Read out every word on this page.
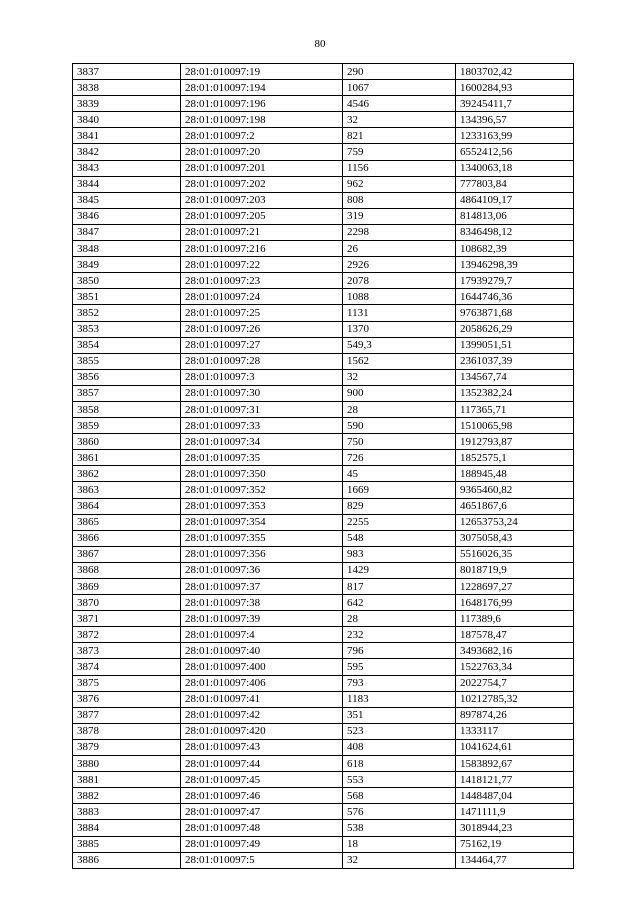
80
3837	28:01:010097:19	290	1803702,42
3838	28:01:010097:194	1067	1600284,93
3839	28:01:010097:196	4546	39245411,7
3840	28:01:010097:198	32	134396,57
3841	28:01:010097:2	821	1233163,99
3842	28:01:010097:20	759	6552412,56
3843	28:01:010097:201	1156	1340063,18
3844	28:01:010097:202	962	777803,84
3845	28:01:010097:203	808	4864109,17
3846	28:01:010097:205	319	814813,06
3847	28:01:010097:21	2298	8346498,12
3848	28:01:010097:216	26	108682,39
3849	28:01:010097:22	2926	13946298,39
3850	28:01:010097:23	2078	17939279,7
3851	28:01:010097:24	1088	1644746,36
3852	28:01:010097:25	1131	9763871,68
3853	28:01:010097:26	1370	2058626,29
3854	28:01:010097:27	549,3	1399051,51
3855	28:01:010097:28	1562	2361037,39
3856	28:01:010097:3	32	134567,74
3857	28:01:010097:30	900	1352382,24
3858	28:01:010097:31	28	117365,71
3859	28:01:010097:33	590	1510065,98
3860	28:01:010097:34	750	1912793,87
3861	28:01:010097:35	726	1852575,1
3862	28:01:010097:350	45	188945,48
3863	28:01:010097:352	1669	9365460,82
3864	28:01:010097:353	829	4651867,6
3865	28:01:010097:354	2255	12653753,24
3866	28:01:010097:355	548	3075058,43
3867	28:01:010097:356	983	5516026,35
3868	28:01:010097:36	1429	8018719,9
3869	28:01:010097:37	817	1228697,27
3870	28:01:010097:38	642	1648176,99
3871	28:01:010097:39	28	117389,6
3872	28:01:010097:4	232	187578,47
3873	28:01:010097:40	796	3493682,16
3874	28:01:010097:400	595	1522763,34
3875	28:01:010097:406	793	2022754,7
3876	28:01:010097:41	1183	10212785,32
3877	28:01:010097:42	351	897874,26
3878	28:01:010097:420	523	1333117
3879	28:01:010097:43	408	1041624,61
3880	28:01:010097:44	618	1583892,67
3881	28:01:010097:45	553	1418121,77
3882	28:01:010097:46	568	1448487,04
3883	28:01:010097:47	576	1471111,9
3884	28:01:010097:48	538	3018944,23
3885	28:01:010097:49	18	75162,19
3886	28:01:010097:5	32	134464,77
